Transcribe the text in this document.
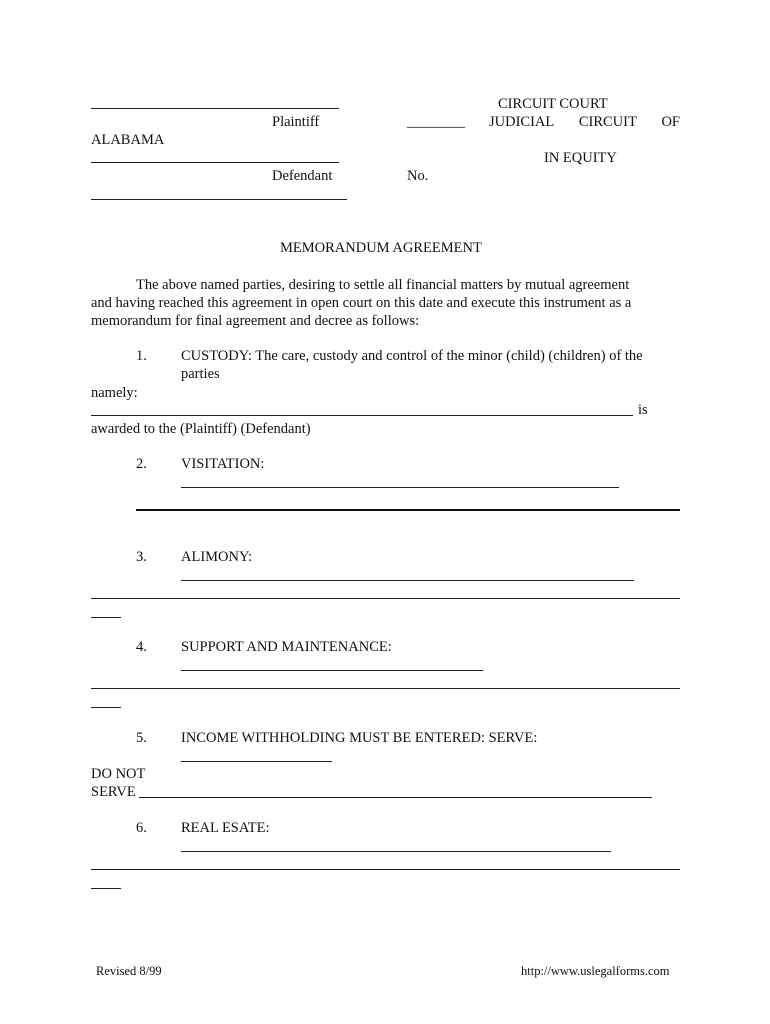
Plaintiff
ALABAMA
Defendant
CIRCUIT COURT
________ JUDICIAL CIRCUIT OF
IN EQUITY
No.
MEMORANDUM AGREEMENT
The above named parties, desiring to settle all financial matters by mutual agreement
and having reached this agreement in open court on this date and execute this instrument as a
memorandum for final agreement and decree as follows:
1. CUSTODY: The care, custody and control of the minor (child) (children) of the
parties
namely:
is
awarded to the (Plaintiff) (Defendant)
2. VISITATION:
3. ALIMONY:
4. SUPPORT AND MAINTENANCE:
5. INCOME WITHHOLDING MUST BE ENTERED: SERVE:
DO NOT
SERVE
6. REAL ESATE:
Revised 8/99	http://www.uslegalforms.com
